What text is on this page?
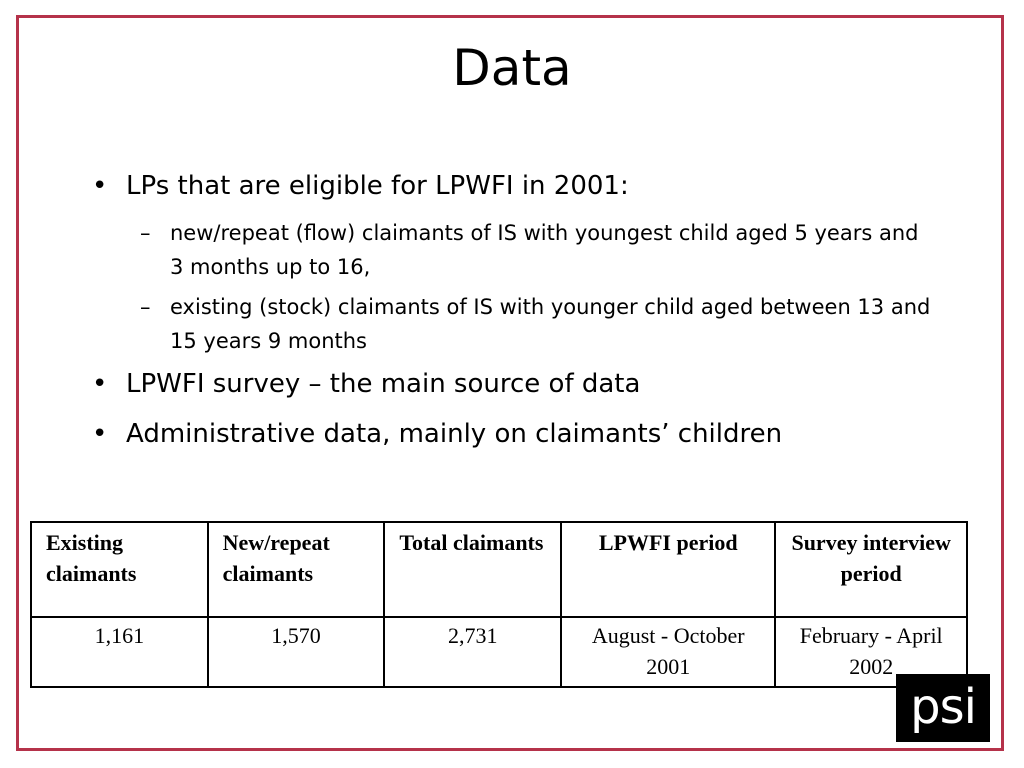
Data
• LPs that are eligible for LPWFI in 2001:
– new/repeat (flow) claimants of IS with youngest child aged 5 years and 3 months up to 16,
– existing (stock) claimants of IS with younger child aged between 13 and 15 years 9 months
• LPWFI survey – the main source of data
• Administrative data, mainly on claimants’ children
Existing claimants	New/repeat claimants	Total claimants	LPWFI period	Survey interview period
1,161	1,570	2,731	August - October 2001	February - April 2002
psi
